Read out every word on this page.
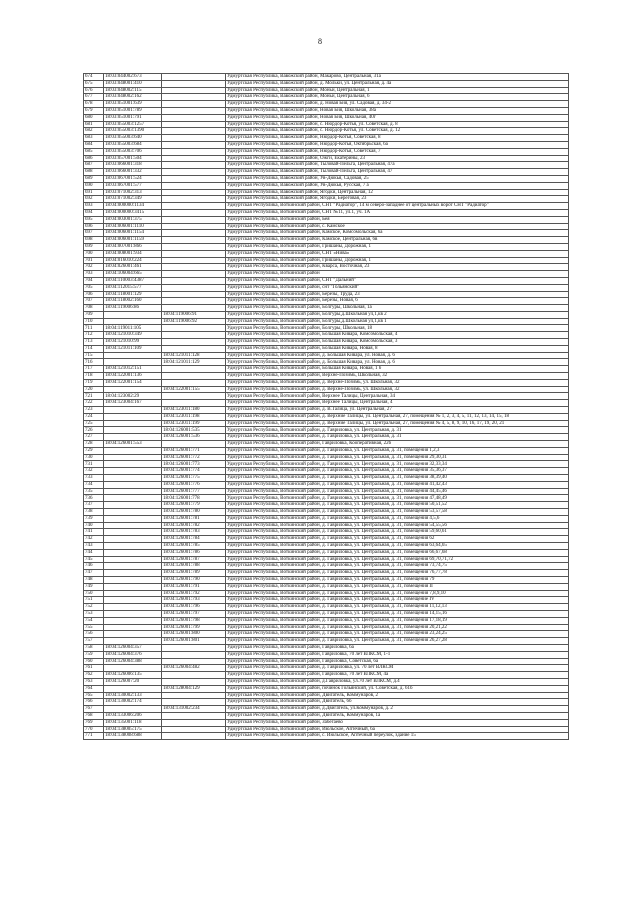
8
674	18:03:044002:673		Удмуртская Республика, Вавожский район, Макарово, Центральная, 31а
675	18:03:048001:410		Удмуртская Республика, Вавожский район, д. Мольки, ул. Центральная, д. 4а
676	18:03:048002:115		Удмуртская Республика, Вавожский район, Моньи, Центральная, 1
677	18:03:048002:162		Удмуртская Республика, Вавожский район, Моньи, Центральная, 6
678	18:03:051001:639		Удмуртская Республика, Вавожский район, д. Новая Бия, ул. Садовая, д. 34-2
679	18:03:051001:789		Удмуртская Республика, Вавожский район, Новая Бия, Школьная, 38а
680	18:03:051001:791		Удмуртская Республика, Вавожский район, Новая Бия, Школьная, 40г
681	18:03:055003:1257		Удмуртская Республика, Вавожский район, с. Нюрдор-Котья, ул. Советская, д. 8
682	18:03:055003:1390		Удмуртская Республика, Вавожский район, с. Нюрдор-Котья, ул. Советская, д. 12
683	18:03:055003:640		Удмуртская Республика, Вавожский район, Нюрдор-Котья, Советская, 8
684	18:03:055003:684		Удмуртская Республика, Вавожский район, Нюрдор-Котья, Октябрьская, 6а
685	18:03:055003:706		Удмуртская Республика, Вавожский район, Нюрдор-Котья, Советская, 7
686	18:03:057001:504		Удмуртская Республика, Вавожский район, Ожги, Екатерины, 23
687	18:03:066001:318		Удмуртская Республика, Вавожский район, Тыловай-Пельга, Центральная, 47а
688	18:03:066001:332		Удмуртская Республика, Вавожский район, Тыловай-Пельга, Центральная, 47
689	18:03:067001:524		Удмуртская Республика, Вавожский район, Ув-Дюкья, Садовая, 25
690	18:03:067001:577		Удмуртская Республика, Вавожский район, Ув-Дюкья, Русская, 7 а
691	18:03:071002:313		Удмуртская Республика, Вавожский район, Ягодки, Центральная, 12
692	18:03:071002:349		Удмуртская Республика, Вавожский район, Ягодки, Береговая, 23
693	18:04:000000:1134		Удмуртская Республика, Воткинский район, СНТ "Радиатор", 14 м северо-западнее от центральных ворот СНТ "Радиатор"
694	18:04:000000:3415		Удмуртская Республика, Воткинский район, СНТ №11, ул.1, уч. 1А
695	18:04:003001:375		Удмуртская Республика, Воткинский район, Бея
696	18:04:006001:1110		Удмуртская Республика, Воткинский район, с. Камское
697	18:04:006001:1154		Удмуртская Республика, Воткинский район, Камское, Комсомольская, 6а
698	18:04:006001:1159		Удмуртская Республика, Воткинский район, Камское, Центральная, 6в
699	18:04:007001:866		Удмуртская Республика, Воткинский район, Гришаны, Дорожная, 1
700	18:04:008001:934		Удмуртская Республика, Воткинский район, СНТ «Нива»
701	18:04:016010:224		Удмуртская Республика, Воткинский район, Гришаны, Дорожная, 1
702	18:04:026001:461		Удмуртская Республика, Воткинский район, Кварса, Восточная, 23
703	18:04:106004:665		Удмуртская Республика, Воткинский район
704	18:04:110003:4387		Удмуртская Республика, Воткинский район, СНТ "Дальний"
705	18:04:112015:577		Удмуртская Республика, Воткинский район, снт "Гольянский"
706	18:04:118001:129		Удмуртская Республика, Воткинский район, Березы, Труда, 23
707	18:04:118002:160		Удмуртская Республика, Воткинский район, Березы, Новая, 6
708	18:04:119006:86		Удмуртская Республика, Воткинский район, Болгуры, Школьная, 1а
709		18:04:119006:91	Удмуртская Республика, Воткинский район, Болгуры,д.Школьная ул,1,кв 2
710		18:04:119006:92	Удмуртская Республика, Воткинский район, Болгуры,д.Школьная ул,1,кв 1
711	18:04:119011:105		Удмуртская Республика, Воткинский район, Болгуры, Школьная, 18
712	18:04:121010:349		Удмуртская Республика, Воткинский район, Большая Кивара, Комсомольская, 4
713	18:04:121010:99		Удмуртская Республика, Воткинский район, Большая Кивара, Комсомольская, 3
714	18:04:121011:109		Удмуртская Республика, Воткинский район, Большая Кивара, Новая, 8
715		18:04:121011:128	Удмуртская Республика, Воткинский район, д. Большая Кивара, ул. Новая, д. 6
716		18:04:121011:129	Удмуртская Республика, Воткинский район, д. Большая Кивара, ул. Новая, д. 6
717	18:04:121012:151		Удмуртская Республика, Воткинский район, Большая Кивара, Новая, 1 б
718	18:04:122001:136		Удмуртская Республика, Воткинский район, Верхне-Позимь, Школьная, 32
719	18:04:122001:154		Удмуртская Республика, Воткинский район, д. Верхне-Позимь, ул. Школьная, 32
720		18:04:122001:155	Удмуртская Республика, Воткинский район, д. Верхне-Позимь, ул. Школьная, 32
721	18:04:123002:29		Удмуртская Республика, Воткинский район, Верхнее Талицы, Центральная, 34
722	18:04:123004:167		Удмуртская Республика, Воткинский район, Верхнее Талицы, Центральная, 4
723		18:04:123011:180	Удмуртская Республика, Воткинский район, д. В.Талица, ул. Центральная, 27
724		18:04:123011:198	Удмуртская Республика, Воткинский район, д. Верхние Талицы, ул. Центральная, 27, помещения № 1, 2, 3, 4, 5, 11, 12, 13, 14, 15, 18
725		18:04:123011:199	Удмуртская Республика, Воткинский район, д. Верхние Талицы, ул. Центральная, 27, помещения № 4, 5, 8, 9, 10, 16, 17, 19, 20, 21
726		18:04:126001:535	Удмуртская Республика, Воткинский район, д. Гавриловка, ул. Центральная, д. 31
727		18:04:126001:536	Удмуртская Республика, Воткинский район, д. Гавриловка, ул. Центральная, д. 31
728	18:04:126001:553		Удмуртская Республика, Воткинский район, Гавриловка, Кооперативная, 22б
729		18:04:126001:771	Удмуртская Республика, Воткинский район, д. Гавриловка, ул. Центральная, д. 31, помещения 1,2,3
730		18:04:126001:772	Удмуртская Республика, Воткинский район, д. Гавриловка, ул. Центральная, д. 31, помещения 29,30,31
731		18:04:126001:773	Удмуртская Республика, Воткинский район, д. Гавриловка, ул. Центральная, д. 31, помещения 32,33,34
732		18:04:126001:774	Удмуртская Республика, Воткинский район, д. Гавриловка, ул. Центральная, д. 31, помещения 35,36,37
733		18:04:126001:775	Удмуртская Республика, Воткинский район, д. Гавриловка, ул. Центральная, д. 31, помещения 38,39,40
734		18:04:126001:776	Удмуртская Республика, Воткинский район, д. Гавриловка, ул. Центральная, д. 31, помещения 41,42,43
735		18:04:126001:777	Удмуртская Республика, Воткинский район, д. Гавриловка, ул. Центральная, д. 31, помещения 44,45,46
736		18:04:126001:778	Удмуртская Республика, Воткинский район, д. Гавриловка, ул. Центральная, д. 31, помещения 47,48,49
737		18:04:126001:779	Удмуртская Республика, Воткинский район, д. Гавриловка, ул. Центральная, д. 31, помещения 50,51,52
738		18:04:126001:780	Удмуртская Республика, Воткинский район, д. Гавриловка, ул. Центральная, д. 31, помещения 53,57,58
739		18:04:126001:781	Удмуртская Республика, Воткинский район, д. Гавриловка, ул. Центральная, д. 31, помещения 4,5,6
740		18:04:126001:782	Удмуртская Республика, Воткинский район, д. Гавриловка, ул. Центральная, д. 31, помещения 54,55,56
741		18:04:126001:783	Удмуртская Республика, Воткинский район, д. Гавриловка, ул. Центральная, д. 31, помещения 59,60,61
742		18:04:126001:784	Удмуртская Республика, Воткинский район, д. Гавриловка, ул. Центральная, д. 31, помещения 62
743		18:04:126001:785	Удмуртская Республика, Воткинский район, д. Гавриловка, ул. Центральная, д. 31, помещения 63,64,65
744		18:04:126001:786	Удмуртская Республика, Воткинский район, д. Гавриловка, ул. Центральная, д. 31, помещения 66,67,68
745		18:04:126001:787	Удмуртская Республика, Воткинский район, д. Гавриловка, ул. Центральная, д. 31, помещения 69,70,71,72
746		18:04:126001:788	Удмуртская Республика, Воткинский район, д. Гавриловка, ул. Центральная, д. 31, помещения 73,74,75
747		18:04:126001:789	Удмуртская Республика, Воткинский район, д. Гавриловка, ул. Центральная, д. 31, помещения 76,77,78
748		18:04:126001:790	Удмуртская Республика, Воткинский район, д. Гавриловка, ул. Центральная, д. 31, помещения 79
749		18:04:126001:791	Удмуртская Республика, Воткинский район, д. Гавриловка, ул. Центральная, д. 31, помещения II
750		18:04:126001:792	Удмуртская Республика, Воткинский район, д. Гавриловка, ул. Центральная, д. 31, помещения 7,8,9,10
751		18:04:126001:793	Удмуртская Республика, Воткинский район, д. Гавриловка, ул. Центральная, д. 31, помещение IV
752		18:04:126001:796	Удмуртская Республика, Воткинский район, д. Гавриловка, ул. Центральная, д. 31, помещения 11,12,13
753		18:04:126001:797	Удмуртская Республика, Воткинский район, д. Гавриловка, ул. Центральная, д. 31, помещения 14,15,16
754		18:04:126001:798	Удмуртская Республика, Воткинский район, д. Гавриловка, ул. Центральная, д. 31, помещения 17,18,19
755		18:04:126001:799	Удмуртская Республика, Воткинский район, д. Гавриловка, ул. Центральная, д. 31, помещения 20,21,22
756		18:04:126001:800	Удмуртская Республика, Воткинский район, д. Гавриловка, ул. Центральная, д. 31, помещения 23,24,25
757		18:04:126001:801	Удмуртская Республика, Воткинский район, д. Гавриловка, ул. Центральная, д. 31, помещения 26,27,28
758	18:04:126004:357		Удмуртская Республика, Воткинский район, Гавриловка, 6а
759	18:04:126004:376		Удмуртская Республика, Воткинский район, Гавриловка, 70 лет ВЛКСМ, 1-1
760	18:04:126004:388		Удмуртская Республика, Воткинский район, Гавриловка, Советская, 6а
761		18:04:126004:482	Удмуртская Республика, Воткинский район, д. Гавриловка, ул. 70 лет ВЛКСМ
762	18:04:126006:135		Удмуртская Республика, Воткинский район, Гавриловка, 70 лет ВЛКСМ, 4а
763	18:04:126007:20		Удмуртская Республика, Воткинский район, д.Гавриловка, ул.70 лет ВЛКСМ, д.4
764		18:04:128004:129	Удмуртская Республика, Воткинский район, починок Гольянский, ул. Советская, д. 61б
765	18:04:130002:133		Удмуртская Республика, Воткинский район, Двигатель, Коммунаров, 2
766	18:04:130002:174		Удмуртская Республика, Воткинский район, Двигатель, 6б
767		18:04:131002:234	Удмуртская Республика, Воткинский район, д.Двигатель, ул.Коммунаров, д. 2
768	18:04:133006:206		Удмуртская Республика, Воткинский район, Двигатель, Коммунаров, 1а
769	18:04:135001:118		Удмуртская Республика, Воткинский район, Забегаево
770	18:04:138005:175		Удмуртская Республика, Воткинский район, Июльское, Аптечный, 6а
771	18:04:138008:688		Удмуртская Республика, Воткинский район, с. Июльское, Аптечный переулок, здание 15
